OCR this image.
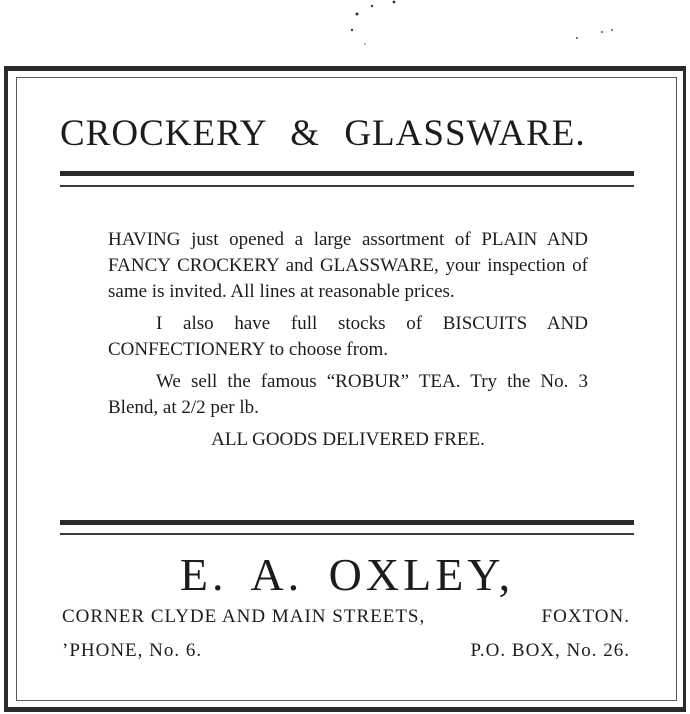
CROCKERY & GLASSWARE.

HAVING just opened a large assortment of PLAIN AND FANCY CROCKERY and GLASSWARE, your inspection of same is invited. All lines at reasonable prices.

I also have full stocks of BISCUITS AND CONFECTIONERY to choose from.

We sell the famous “ROBUR” TEA. Try the No. 3 Blend, at 2/2 per lb.

ALL GOODS DELIVERED FREE.

E. A. OXLEY,
CORNER CLYDE AND MAIN STREETS,	FOXTON.
’PHONE, No. 6.	P.O. BOX, No. 26.
